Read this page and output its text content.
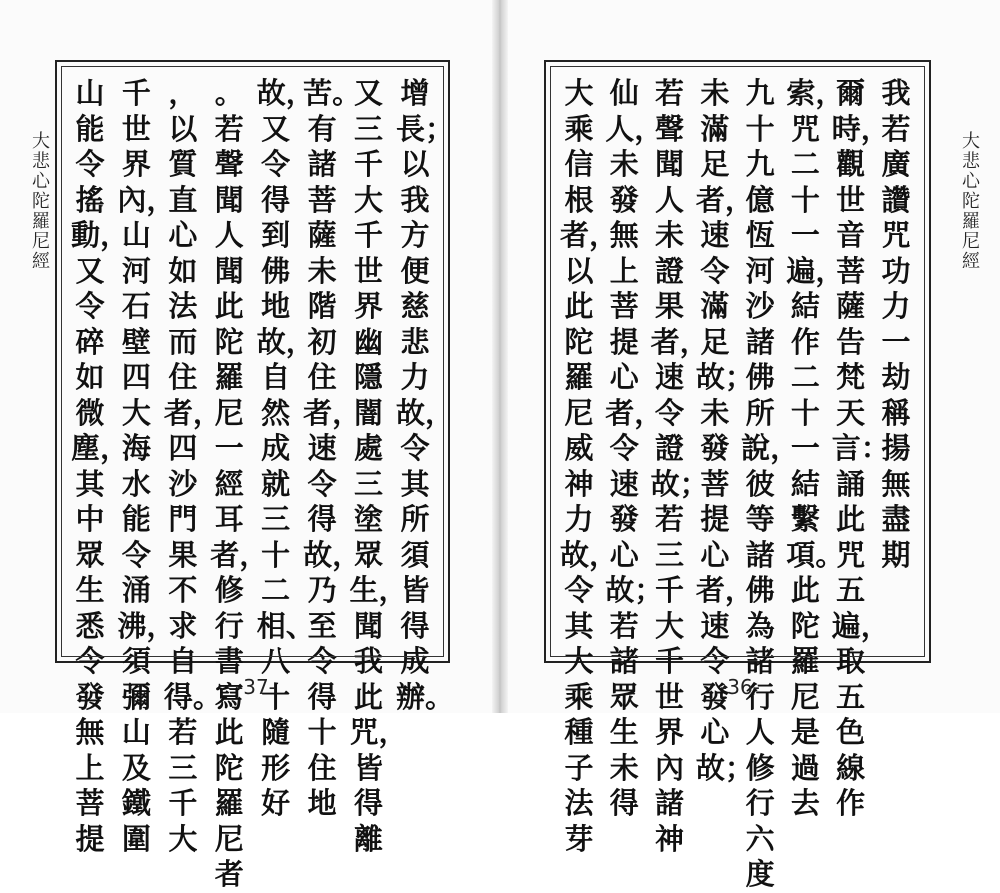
大悲心陀羅尼經
大悲心陀羅尼經
增長；以我方便慈悲力故，令其所須皆得成辦。
又三千大千世界幽隱闇處三塗眾生，聞我此咒，皆得離
苦。有諸菩薩未階初住者，速令得故，乃至令得十住地
故，又令得到佛地故，自然成就三十二相、八十隨形好
。若聲聞人聞此陀羅尼一經耳者，修行書寫此陀羅尼者
，以質直心如法而住者，四沙門果不求自得。若三千大
千世界內，山河石壁四大海水能令涌沸，須彌山及鐵圍
山能令搖動，又令碎如微塵，其中眾生悉令發無上菩提
我若廣讚咒功力　一劫稱揚無盡期
爾時，觀世音菩薩告梵天言：誦此咒五遍，取五色線作
索，咒二十一遍，結作二十一結繫項。此陀羅尼是過去
九十九億恆河沙諸佛所說，彼等諸佛為諸行人修行六度
未滿足者，速令滿足故；未發菩提心者，速令發心故；
若聲聞人未證果者，速令證故；若三千大千世界內諸神
仙人，未發無上菩提心者，令速發心故；若諸眾生未得
大乘信根者，以此陀羅尼威神力故，令其大乘種子法芽
-37-	-36-
